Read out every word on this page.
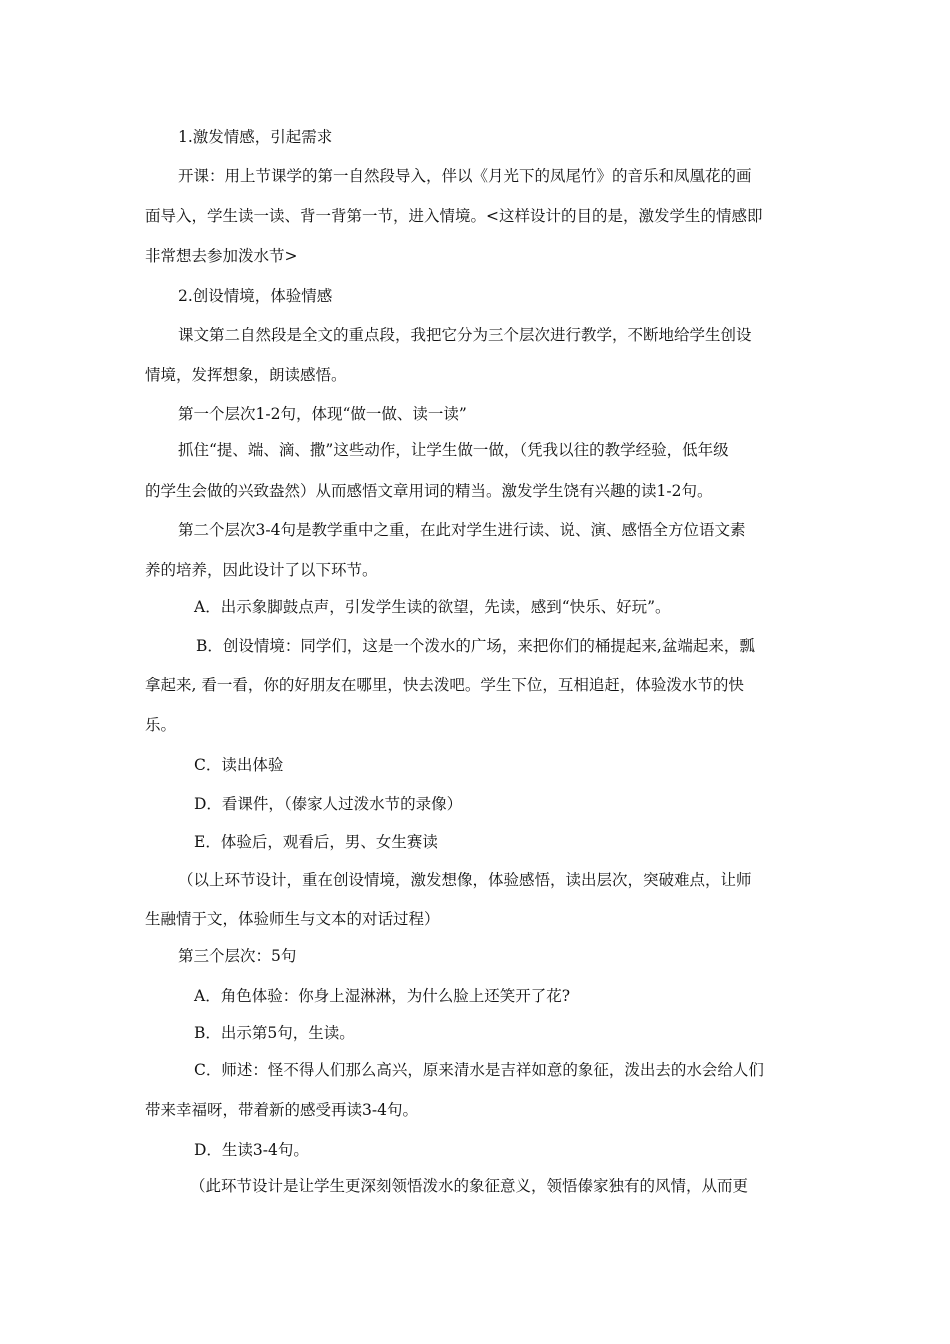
1.激发情感，引起需求
开课：用上节课学的第一自然段导入，伴以《月光下的凤尾竹》的音乐和凤凰花的画
面导入，学生读一读、背一背第一节，进入情境。<这样设计的目的是，激发学生的情感即
非常想去参加泼水节>
2.创设情境，体验情感
课文第二自然段是全文的重点段，我把它分为三个层次进行教学，不断地给学生创设
情境，发挥想象，朗读感悟。
第一个层次1-2句，体现“做一做、读一读”
抓住“提、端、滴、撒”这些动作，让学生做一做，（凭我以往的教学经验，低年级
的学生会做的兴致盎然）从而感悟文章用词的精当。激发学生饶有兴趣的读1-2句。
第二个层次3-4句是教学重中之重，在此对学生进行读、说、演、感悟全方位语文素
养的培养，因此设计了以下环节。
A．出示象脚鼓点声，引发学生读的欲望，先读，感到“快乐、好玩”。
B．创设情境：同学们，这是一个泼水的广场，来把你们的桶提起来,盆端起来，瓢
拿起来, 看一看，你的好朋友在哪里，快去泼吧。学生下位，互相追赶，体验泼水节的快
乐。
C．读出体验
D．看课件，（傣家人过泼水节的录像）
E．体验后，观看后，男、女生赛读
（以上环节设计，重在创设情境，激发想像，体验感悟，读出层次，突破难点，让师
生融情于文，体验师生与文本的对话过程）
第三个层次：5句
A．角色体验：你身上湿淋淋，为什么脸上还笑开了花?
B．出示第5句，生读。
C．师述：怪不得人们那么高兴，原来清水是吉祥如意的象征，泼出去的水会给人们
带来幸福呀，带着新的感受再读3-4句。
D．生读3-4句。
（此环节设计是让学生更深刻领悟泼水的象征意义，领悟傣家独有的风情，从而更
